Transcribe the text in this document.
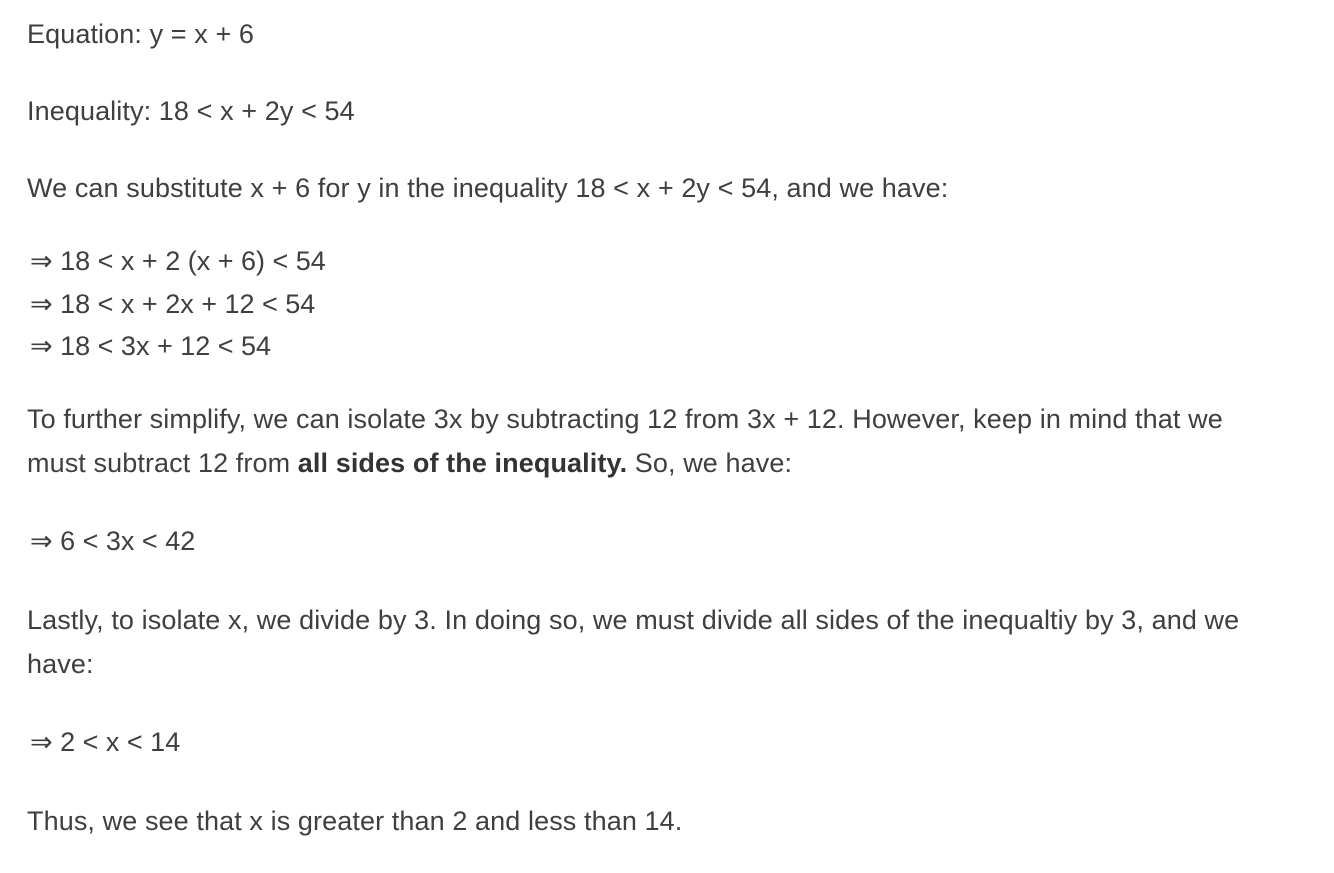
Equation: y = x + 6
Inequality: 18 < x + 2y < 54
We can substitute x + 6 for y in the inequality 18 < x + 2y < 54, and we have:
⇒ 18 < x + 2 (x + 6) < 54
⇒ 18 < x + 2x + 12 < 54
⇒ 18 < 3x + 12 < 54
To further simplify, we can isolate 3x by subtracting 12 from 3x + 12. However, keep in mind that we
must subtract 12 from all sides of the inequality. So, we have:
⇒ 6 < 3x < 42
Lastly, to isolate x, we divide by 3. In doing so, we must divide all sides of the inequaltiy by 3, and we
have:
⇒ 2 < x < 14
Thus, we see that x is greater than 2 and less than 14.
